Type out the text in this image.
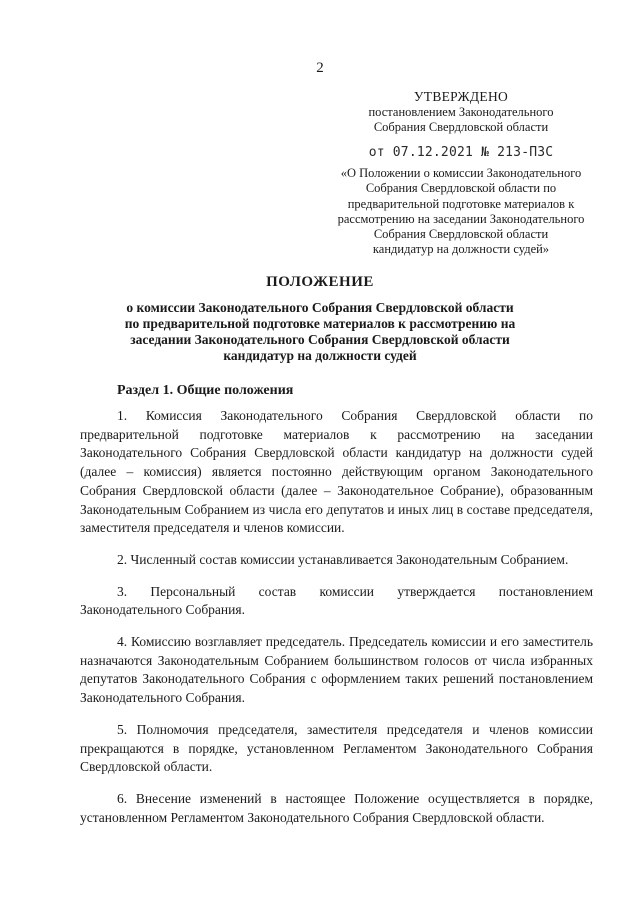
2
УТВЕРЖДЕНО
постановлением Законодательного
Собрания Свердловской области
от 07.12.2021 № 213-ПЗС
«О Положении о комиссии Законодательного
Собрания Свердловской области по
предварительной подготовке материалов к
рассмотрению на заседании Законодательного
Собрания Свердловской области
кандидатур на должности судей»
ПОЛОЖЕНИЕ
о комиссии Законодательного Собрания Свердловской области
по предварительной подготовке материалов к рассмотрению на
заседании Законодательного Собрания Свердловской области
кандидатур на должности судей
Раздел 1. Общие положения

1. Комиссия Законодательного Собрания Свердловской области по предварительной подготовке материалов к рассмотрению на заседании Законодательного Собрания Свердловской области кандидатур на должности судей (далее – комиссия) является постоянно действующим органом Законодательного Собрания Свердловской области (далее – Законодательное Собрание), образованным Законодательным Собранием из числа его депутатов и иных лиц в составе председателя, заместителя председателя и членов комиссии.

2. Численный состав комиссии устанавливается Законодательным Собранием.

3. Персональный состав комиссии утверждается постановлением Законодательного Собрания.

4. Комиссию возглавляет председатель. Председатель комиссии и его заместитель назначаются Законодательным Собранием большинством голосов от числа избранных депутатов Законодательного Собрания с оформлением таких решений постановлением Законодательного Собрания.

5. Полномочия председателя, заместителя председателя и членов комиссии прекращаются в порядке, установленном Регламентом Законодательного Собрания Свердловской области.

6. Внесение изменений в настоящее Положение осуществляется в порядке, установленном Регламентом Законодательного Собрания Свердловской области.
